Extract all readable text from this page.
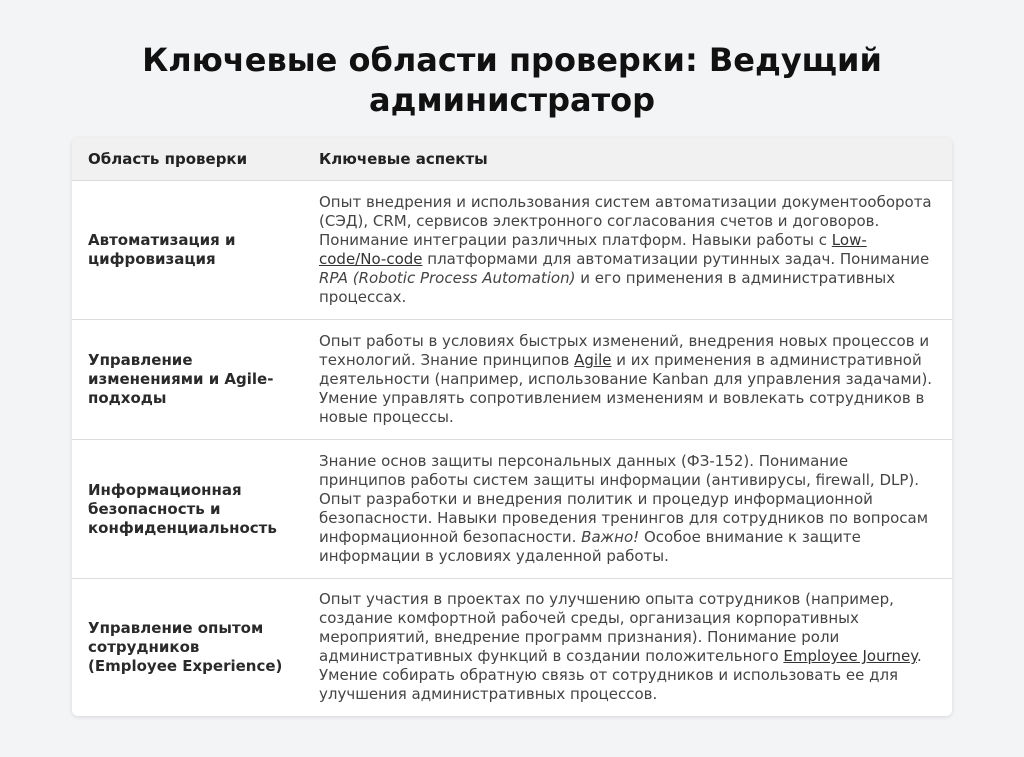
Ключевые области проверки: Ведущий администратор
Область проверки	Ключевые аспекты
Автоматизация и цифровизация	Опыт внедрения и использования систем автоматизации документооборота (СЭД), CRM, сервисов электронного согласования счетов и договоров. Понимание интеграции различных платформ. Навыки работы с Low-code/No-code платформами для автоматизации рутинных задач. Понимание RPA (Robotic Process Automation) и его применения в административных процессах.
Управление изменениями и Agile-подходы	Опыт работы в условиях быстрых изменений, внедрения новых процессов и технологий. Знание принципов Agile и их применения в административной деятельности (например, использование Kanban для управления задачами). Умение управлять сопротивлением изменениям и вовлекать сотрудников в новые процессы.
Информационная безопасность и конфиденциальность	Знание основ защиты персональных данных (ФЗ-152). Понимание принципов работы систем защиты информации (антивирусы, firewall, DLP). Опыт разработки и внедрения политик и процедур информационной безопасности. Навыки проведения тренингов для сотрудников по вопросам информационной безопасности. Важно! Особое внимание к защите информации в условиях удаленной работы.
Управление опытом сотрудников (Employee Experience)	Опыт участия в проектах по улучшению опыта сотрудников (например, создание комфортной рабочей среды, организация корпоративных мероприятий, внедрение программ признания). Понимание роли административных функций в создании положительного Employee Journey. Умение собирать обратную связь от сотрудников и использовать ее для улучшения административных процессов.
